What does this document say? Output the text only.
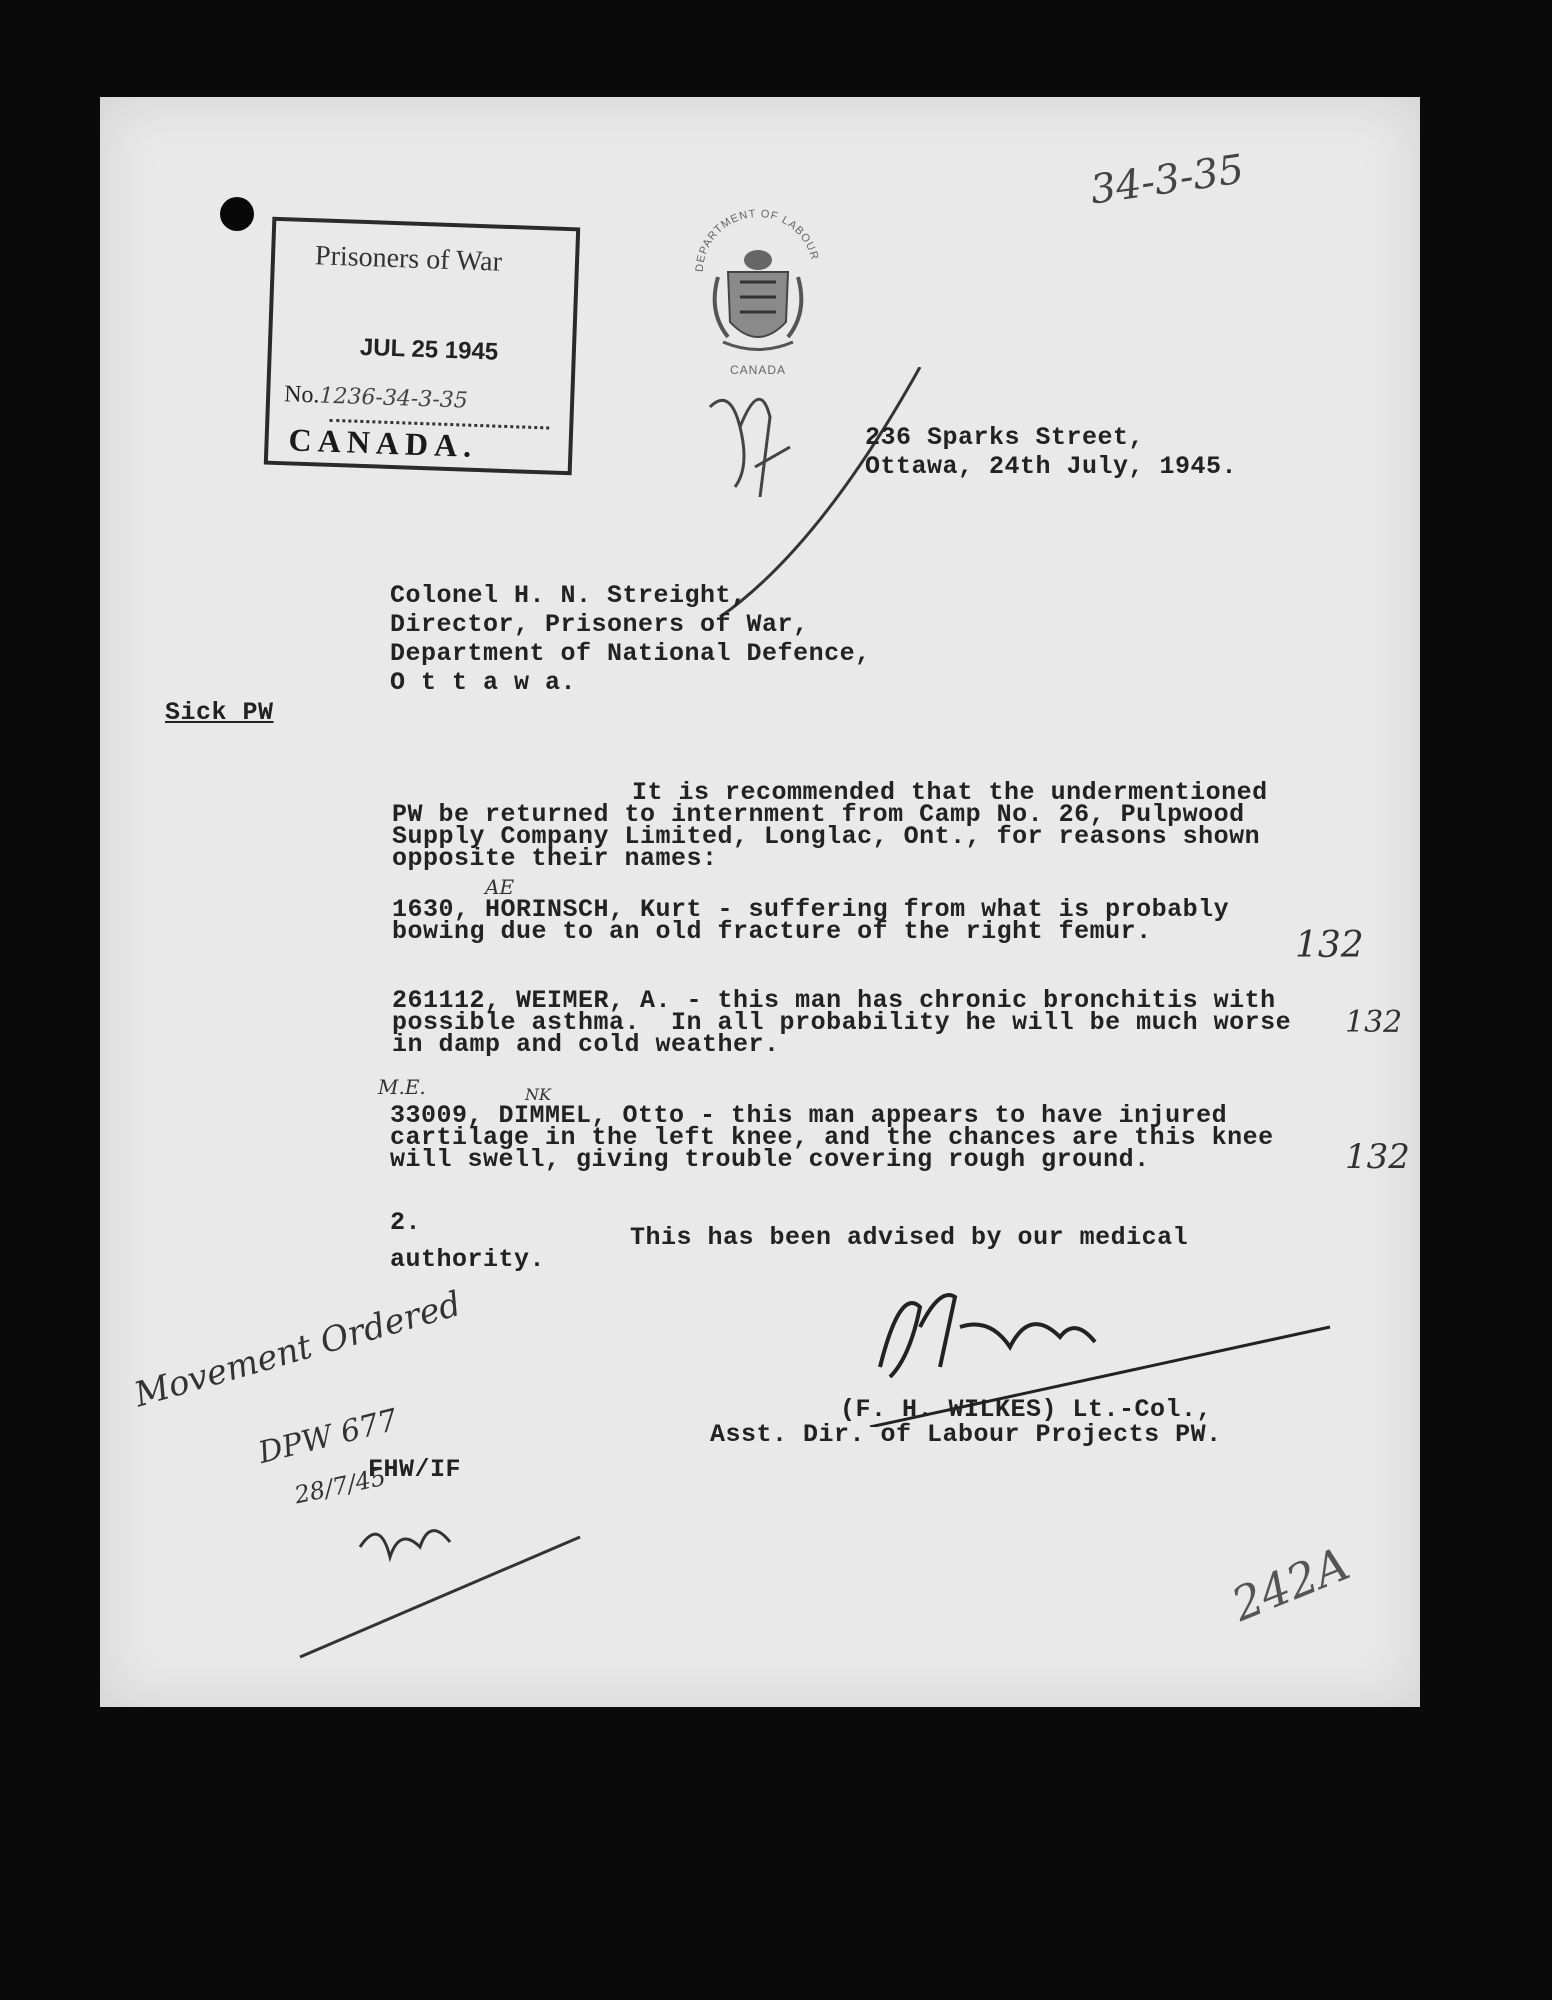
Prisoners of War
JUL 25 1945
No.1236-34-3-35
CANADA.
DEPARTMENT OF LABOUR
CANADA
34-3-35
236 Sparks Street,
Ottawa, 24th July, 1945.
Colonel H. N. Streight,
Director, Prisoners of War,
Department of National Defence,
O t t a w a.
Sick PW
It is recommended that the undermentioned
PW be returned to internment from Camp No. 26, Pulpwood
Supply Company Limited, Longlac, Ont., for reasons shown
opposite their names:
AE
1630, HORINSCH, Kurt - suffering from what is probably
bowing due to an old fracture of the right femur.	132
261112, WEIMER, A. - this man has chronic bronchitis with
possible asthma.  In all probability he will be much worse
in damp and cold weather.
132
M.E.	NK
33009, DIMMEL, Otto - this man appears to have injured
cartilage in the left knee, and the chances are this knee
will swell, giving trouble covering rough ground.	132
2.
This has been advised by our medical
authority.
(F. H. WILKES) Lt.-Col.,
Asst. Dir. of Labour Projects PW.
FHW/IF
Movement Ordered
DPW 677
28/7/45
242A
